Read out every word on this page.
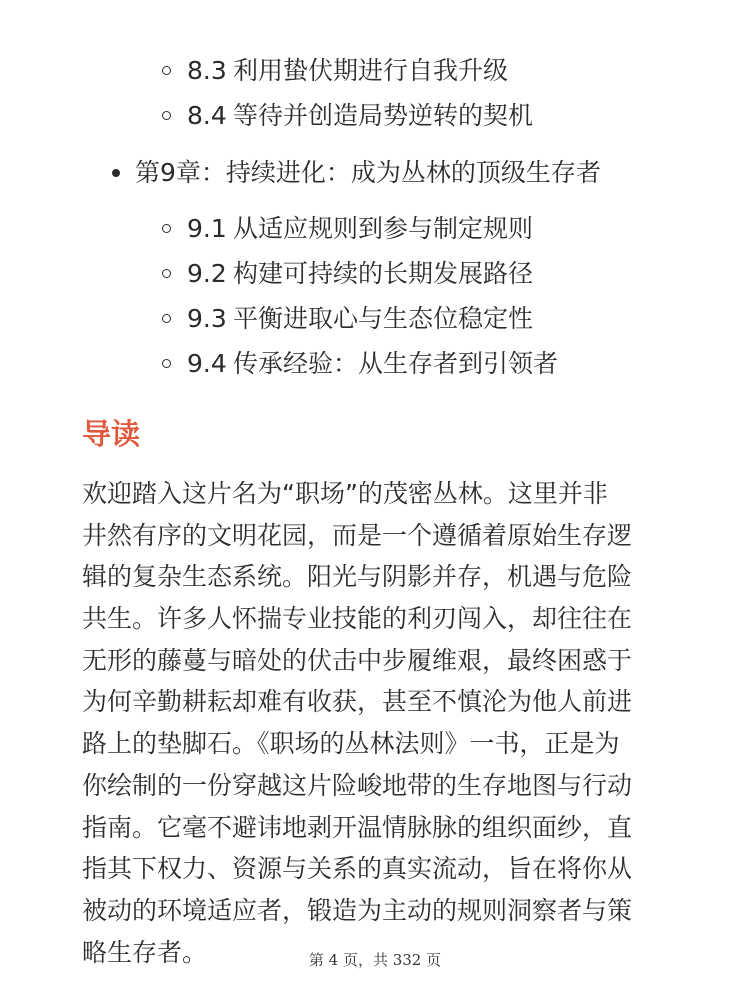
8.3 利用蛰伏期进行自我升级
8.4 等待并创造局势逆转的契机
第9章：持续进化：成为丛林的顶级生存者
9.1 从适应规则到参与制定规则
9.2 构建可持续的长期发展路径
9.3 平衡进取心与生态位稳定性
9.4 传承经验：从生存者到引领者
导读

欢迎踏入这片名为“职场”的茂密丛林。这里并非
井然有序的文明花园，而是一个遵循着原始生存逻
辑的复杂生态系统。阳光与阴影并存，机遇与危险
共生。许多人怀揣专业技能的利刃闯入，却往往在
无形的藤蔓与暗处的伏击中步履维艰，最终困惑于
为何辛勤耕耘却难有收获，甚至不慎沦为他人前进
路上的垫脚石。《职场的丛林法则》一书，正是为
你绘制的一份穿越这片险峻地带的生存地图与行动
指南。它毫不避讳地剥开温情脉脉的组织面纱，直
指其下权力、资源与关系的真实流动，旨在将你从
被动的环境适应者，锻造为主动的规则洞察者与策
略生存者。	第 4 页，共 332 页
